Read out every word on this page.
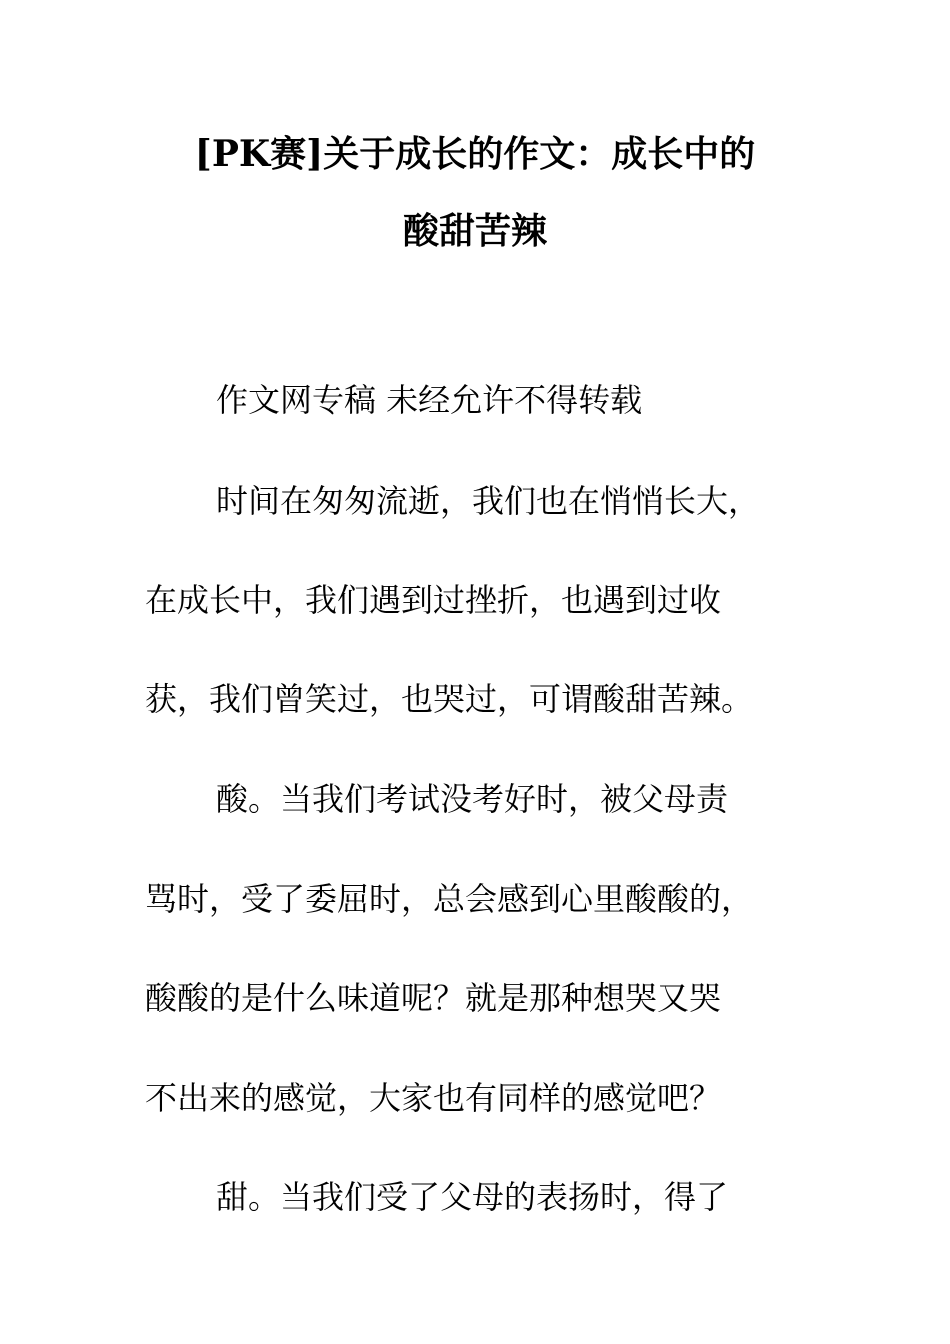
[PK赛]关于成长的作文：成长中的
酸甜苦辣
作文网专稿 未经允许不得转载
时间在匆匆流逝，我们也在悄悄长大，
在成长中，我们遇到过挫折，也遇到过收
获，我们曾笑过，也哭过，可谓酸甜苦辣。
酸。当我们考试没考好时，被父母责
骂时，受了委屈时，总会感到心里酸酸的，
酸酸的是什么味道呢？就是那种想哭又哭
不出来的感觉，大家也有同样的感觉吧？
甜。当我们受了父母的表扬时，得了
